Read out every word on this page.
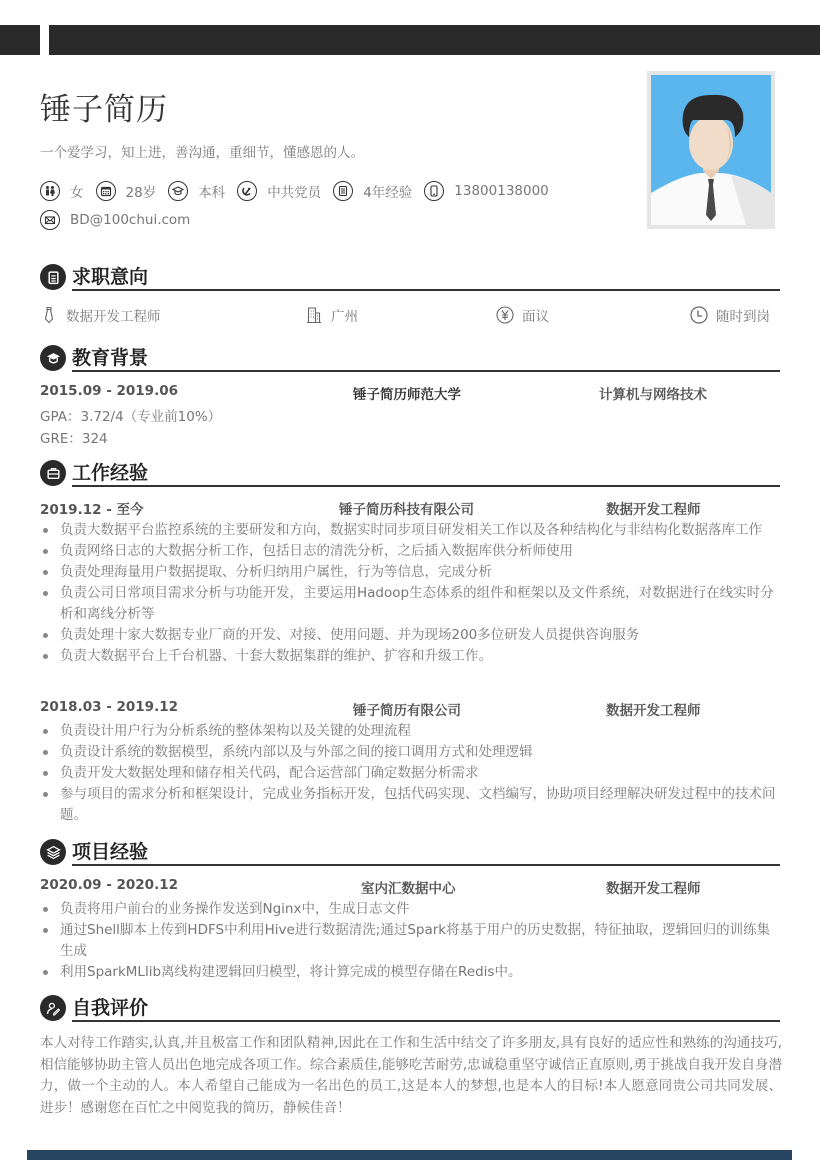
锤子简历
一个爱学习，知上进，善沟通，重细节，懂感恩的人。
女	28岁	本科	中共党员	4年经验	13800138000
BD@100chui.com
求职意向
数据开发工程师	广州	面议	随时到岗
教育背景
2015.09 - 2019.06	锤子简历师范大学	计算机与网络技术
GPA：3.72/4（专业前10%）
GRE：324
工作经验
2019.12 - 至今	锤子简历科技有限公司	数据开发工程师
负责大数据平台监控系统的主要研发和方向，数据实时同步项目研发相关工作以及各种结构化与非结构化数据落库工作
负责网络日志的大数据分析工作，包括日志的清洗分析，之后插入数据库供分析师使用
负责处理海量用户数据提取、分析归纳用户属性，行为等信息，完成分析
负责公司日常项目需求分析与功能开发，主要运用Hadoop生态体系的组件和框架以及文件系统，对数据进行在线实时分析和离线分析等
负责处理十家大数据专业厂商的开发、对接、使用问题、并为现场200多位研发人员提供咨询服务
负责大数据平台上千台机器、十套大数据集群的维护、扩容和升级工作。
2018.03 - 2019.12	锤子简历有限公司	数据开发工程师
负责设计用户行为分析系统的整体架构以及关键的处理流程
负责设计系统的数据模型，系统内部以及与外部之间的接口调用方式和处理逻辑
负责开发大数据处理和储存相关代码，配合运营部门确定数据分析需求
参与项目的需求分析和框架设计，完成业务指标开发，包括代码实现、文档编写，协助项目经理解决研发过程中的技术问题。
项目经验
2020.09 - 2020.12	室内汇数据中心	数据开发工程师
负责将用户前台的业务操作发送到Nginx中，生成日志文件
通过Shell脚本上传到HDFS中利用Hive进行数据清洗;通过Spark将基于用户的历史数据，特征抽取，逻辑回归的训练集生成
利用SparkMLlib离线构建逻辑回归模型，将计算完成的模型存储在Redis中。
自我评价
本人对待工作踏实,认真,并且极富工作和团队精神,因此在工作和生活中结交了许多朋友,具有良好的适应性和熟练的沟通技巧,相信能够协助主管人员出色地完成各项工作。综合素质佳,能够吃苦耐劳,忠诚稳重坚守诚信正直原则,勇于挑战自我开发自身潜力，做一个主动的人。本人希望自己能成为一名出色的员工,这是本人的梦想,也是本人的目标!本人愿意同贵公司共同发展、进步！感谢您在百忙之中阅览我的简历，静候佳音！
